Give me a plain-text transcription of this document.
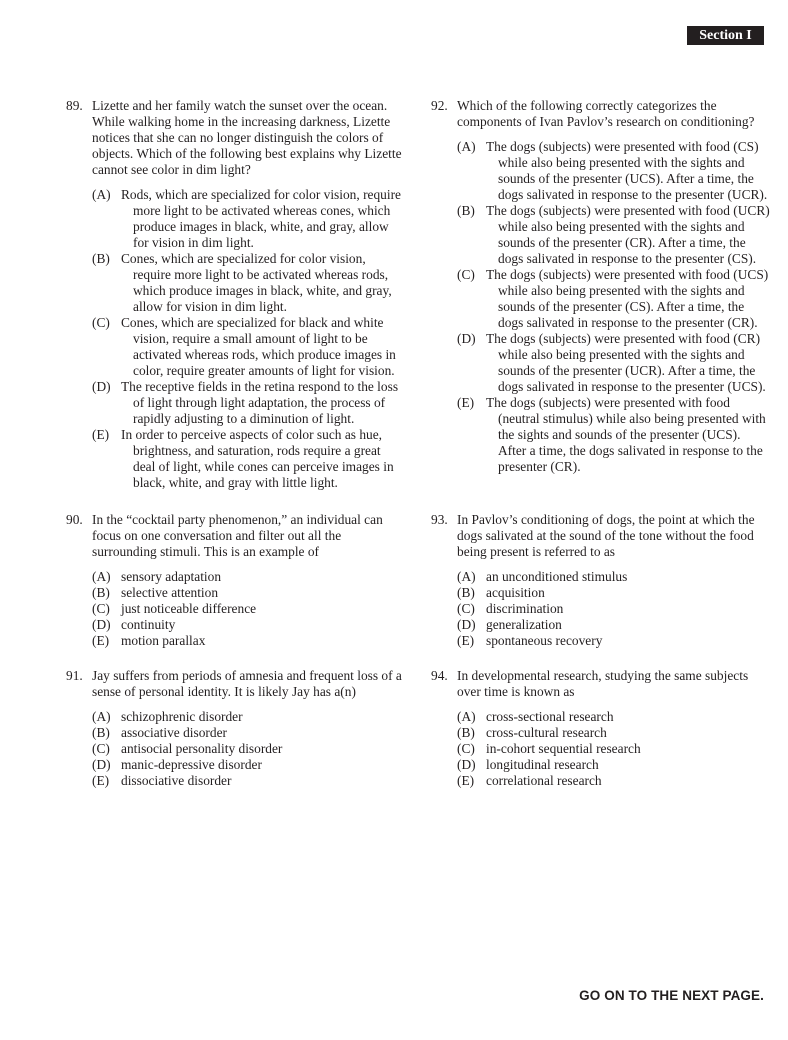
Section I
89. Lizette and her family watch the sunset over the ocean. While walking home in the increasing darkness, Lizette notices that she can no longer distinguish the colors of objects. Which of the following best explains why Lizette cannot see color in dim light?
(A) Rods, which are specialized for color vision, require more light to be activated whereas cones, which produce images in black, white, and gray, allow for vision in dim light.
(B) Cones, which are specialized for color vision, require more light to be activated whereas rods, which produce images in black, white, and gray, allow for vision in dim light.
(C) Cones, which are specialized for black and white vision, require a small amount of light to be activated whereas rods, which produce images in color, require greater amounts of light for vision.
(D) The receptive fields in the retina respond to the loss of light through light adaptation, the process of rapidly adjusting to a diminution of light.
(E) In order to perceive aspects of color such as hue, brightness, and saturation, rods require a great deal of light, while cones can perceive images in black, white, and gray with little light.
90. In the “cocktail party phenomenon,” an individual can focus on one conversation and filter out all the surrounding stimuli. This is an example of
(A) sensory adaptation
(B) selective attention
(C) just noticeable difference
(D) continuity
(E) motion parallax
91. Jay suffers from periods of amnesia and frequent loss of a sense of personal identity. It is likely Jay has a(n)
(A) schizophrenic disorder
(B) associative disorder
(C) antisocial personality disorder
(D) manic-depressive disorder
(E) dissociative disorder
92. Which of the following correctly categorizes the components of Ivan Pavlov’s research on conditioning?
(A) The dogs (subjects) were presented with food (CS) while also being presented with the sights and sounds of the presenter (UCS). After a time, the dogs salivated in response to the presenter (UCR).
(B) The dogs (subjects) were presented with food (UCR) while also being presented with the sights and sounds of the presenter (CR). After a time, the dogs salivated in response to the presenter (CS).
(C) The dogs (subjects) were presented with food (UCS) while also being presented with the sights and sounds of the presenter (CS). After a time, the dogs salivated in response to the presenter (CR).
(D) The dogs (subjects) were presented with food (CR) while also being presented with the sights and sounds of the presenter (UCR). After a time, the dogs salivated in response to the presenter (UCS).
(E) The dogs (subjects) were presented with food (neutral stimulus) while also being presented with the sights and sounds of the presenter (UCS). After a time, the dogs salivated in response to the presenter (CR).
93. In Pavlov’s conditioning of dogs, the point at which the dogs salivated at the sound of the tone without the food being present is referred to as
(A) an unconditioned stimulus
(B) acquisition
(C) discrimination
(D) generalization
(E) spontaneous recovery
94. In developmental research, studying the same subjects over time is known as
(A) cross-sectional research
(B) cross-cultural research
(C) in-cohort sequential research
(D) longitudinal research
(E) correlational research
GO ON TO THE NEXT PAGE.
